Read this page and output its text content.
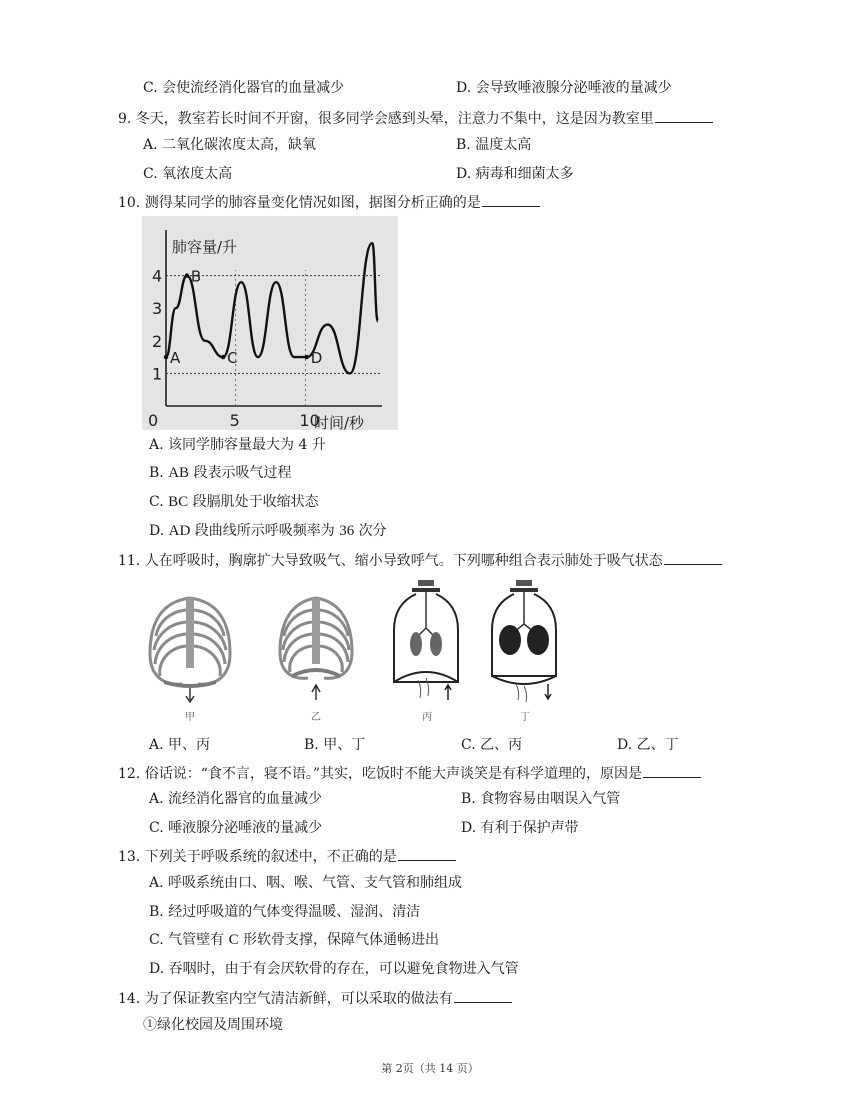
C. 会使流经消化器官的血量减少	D. 会导致唾液腺分泌唾液的量减少
9. 冬天，教室若长时间不开窗，很多同学会感到头晕，注意力不集中，这是因为教室里
A. 二氧化碳浓度太高，缺氧	B. 温度太高
C. 氧浓度太高	D. 病毒和细菌太多
10. 测得某同学的肺容量变化情况如图，据图分析正确的是
1
2
3
4
0	5	10
肺容量/升
时间/秒
A
B
C	D
A. 该同学肺容量最大为 4 升
B. AB 段表示吸气过程
C. BC 段膈肌处于收缩状态
D. AD 段曲线所示呼吸频率为 36 次分
11. 人在呼吸时，胸廓扩大导致吸气、缩小导致呼气。下列哪种组合表示肺处于吸气状态
甲	乙	丙	丁
A. 甲、丙	B. 甲、丁	C. 乙、丙	D. 乙、丁
12. 俗话说：“食不言，寝不语。”其实，吃饭时不能大声谈笑是有科学道理的，原因是
A. 流经消化器官的血量减少	B. 食物容易由咽误入气管
C. 唾液腺分泌唾液的量减少	D. 有利于保护声带
13. 下列关于呼吸系统的叙述中，不正确的是
A. 呼吸系统由口、咽、喉、气管、支气管和肺组成
B. 经过呼吸道的气体变得温暖、湿润、清洁
C. 气管壁有 C 形软骨支撑，保障气体通畅进出
D. 吞咽时，由于有会厌软骨的存在，可以避免食物进入气管
14. 为了保证教室内空气清洁新鲜，可以采取的做法有
①绿化校园及周围环境
第 2页（共 14 页）
